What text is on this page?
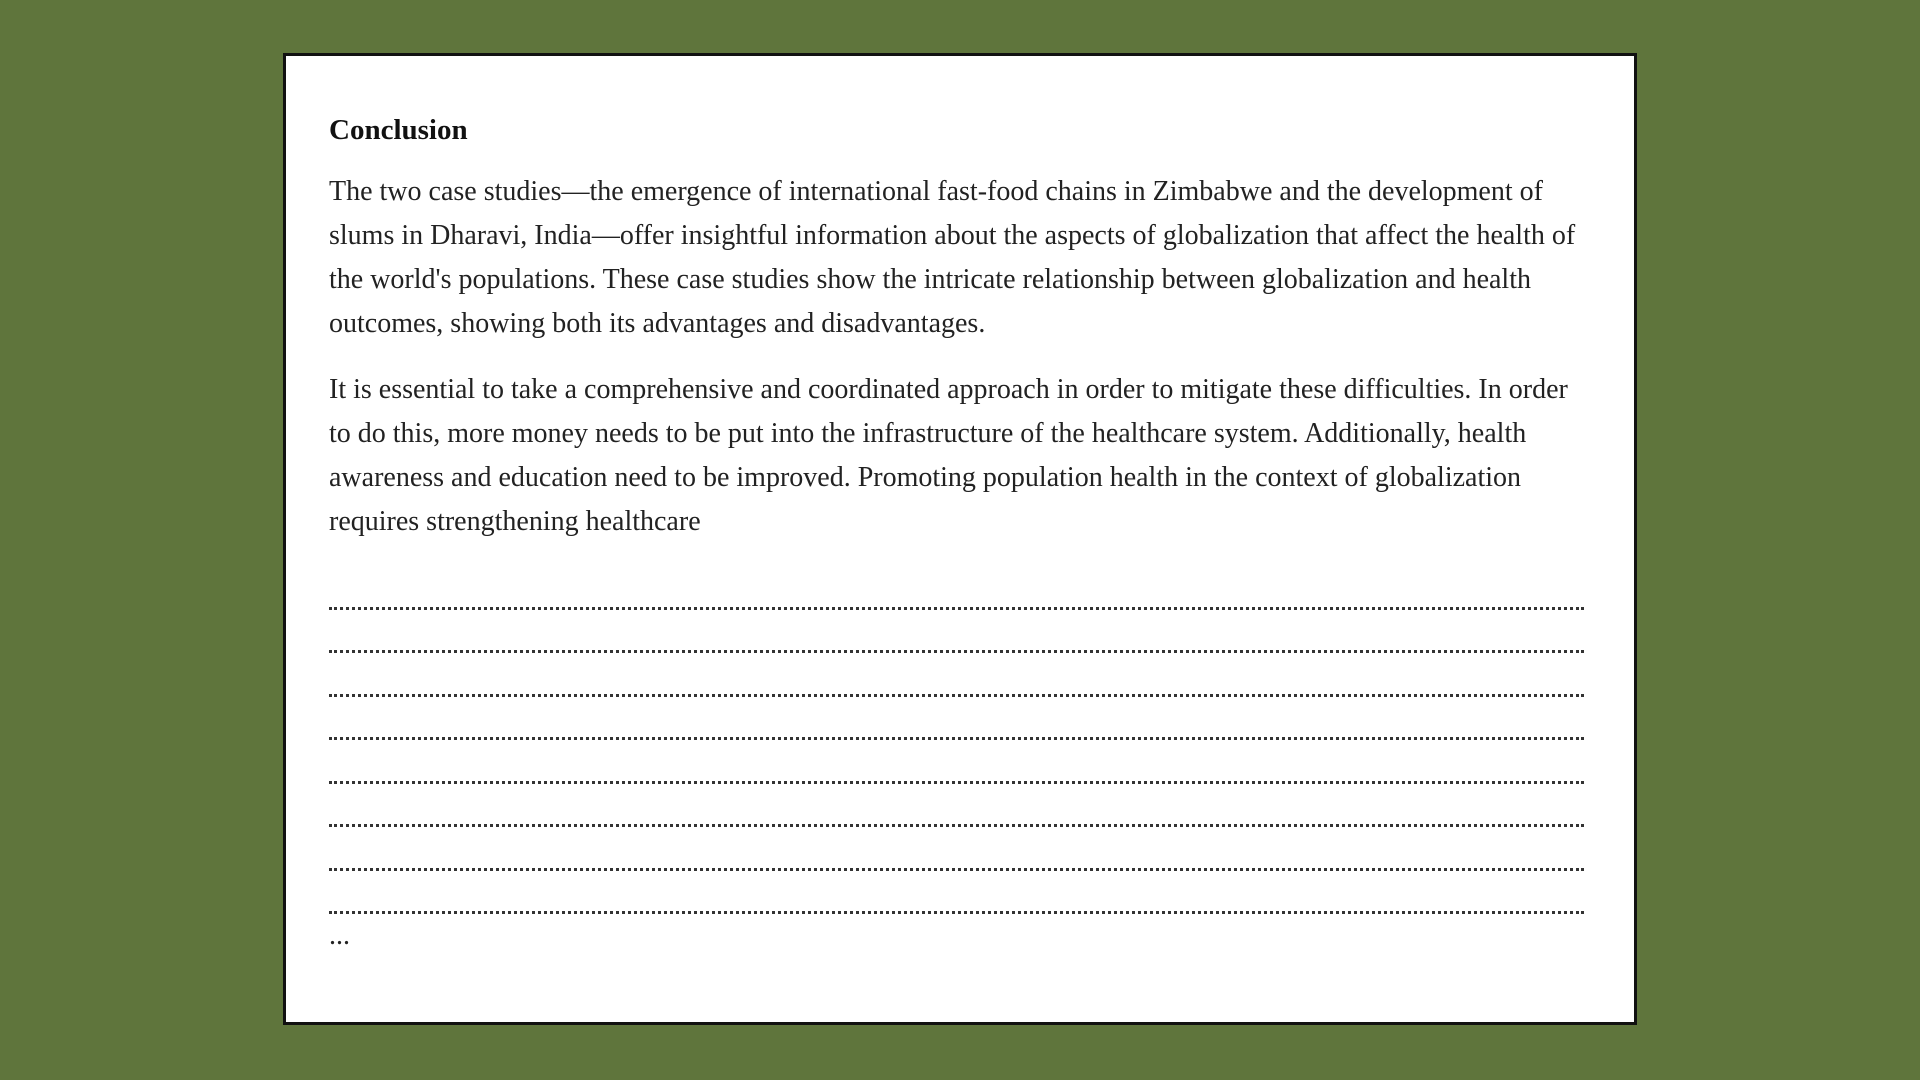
Conclusion

The two case studies—the emergence of international fast-food chains in Zimbabwe and the development of slums in Dharavi, India—offer insightful information about the aspects of globalization that affect the health of the world's populations. These case studies show the intricate relationship between globalization and health outcomes, showing both its advantages and disadvantages.

It is essential to take a comprehensive and coordinated approach in order to mitigate these difficulties. In order to do this, more money needs to be put into the infrastructure of the healthcare system. Additionally, health awareness and education need to be improved. Promoting population health in the context of globalization requires strengthening healthcare

...
